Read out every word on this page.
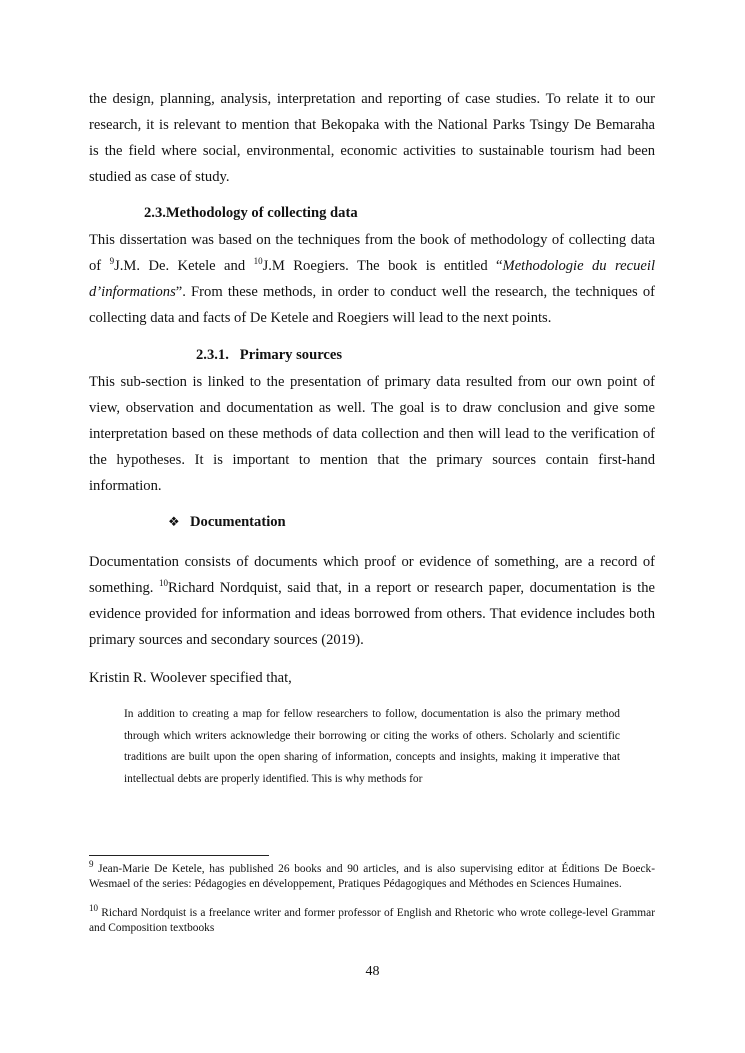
the design, planning, analysis, interpretation and reporting of case studies. To relate it to our
research, it is relevant to mention that Bekopaka with the National Parks Tsingy De Bemaraha
is the field where social, environmental, economic activities to sustainable tourism had been
studied as case of study.
2.3.Methodology of collecting data
This dissertation was based on the techniques from the book of methodology of collecting data of $^9$J.M. De. Ketele and $^{10}$J.M Roegiers. The book is entitled “Methodologie du recueil d’informations”. From these methods, in order to conduct well the research, the techniques of collecting data and facts of De Ketele and Roegiers will lead to the next points.
2.3.1. Primary sources
This sub-section is linked to the presentation of primary data resulted from our own point of view, observation and documentation as well. The goal is to draw conclusion and give some interpretation based on these methods of data collection and then will lead to the verification of the hypotheses. It is important to mention that the primary sources contain first-hand information.
❖ Documentation
Documentation consists of documents which proof or evidence of something, are a record of something. $^{10}$Richard Nordquist, said that, in a report or research paper, documentation is the evidence provided for information and ideas borrowed from others. That evidence includes both primary sources and secondary sources (2019).
Kristin R. Woolever specified that,
In addition to creating a map for fellow researchers to follow, documentation is also the primary method through which writers acknowledge their borrowing or citing the works of others. Scholarly and scientific traditions are built upon the open sharing of information, concepts and insights, making it imperative that intellectual debts are properly identified. This is why methods for
$^9$ Jean-Marie De Ketele, has published 26 books and 90 articles, and is also supervising editor at Éditions De Boeck-Wesmael of the series: Pédagogies en développement, Pratiques Pédagogiques and Méthodes en Sciences Humaines.
$^{10}$ Richard Nordquist is a freelance writer and former professor of English and Rhetoric who wrote college-level Grammar and Composition textbooks
48
